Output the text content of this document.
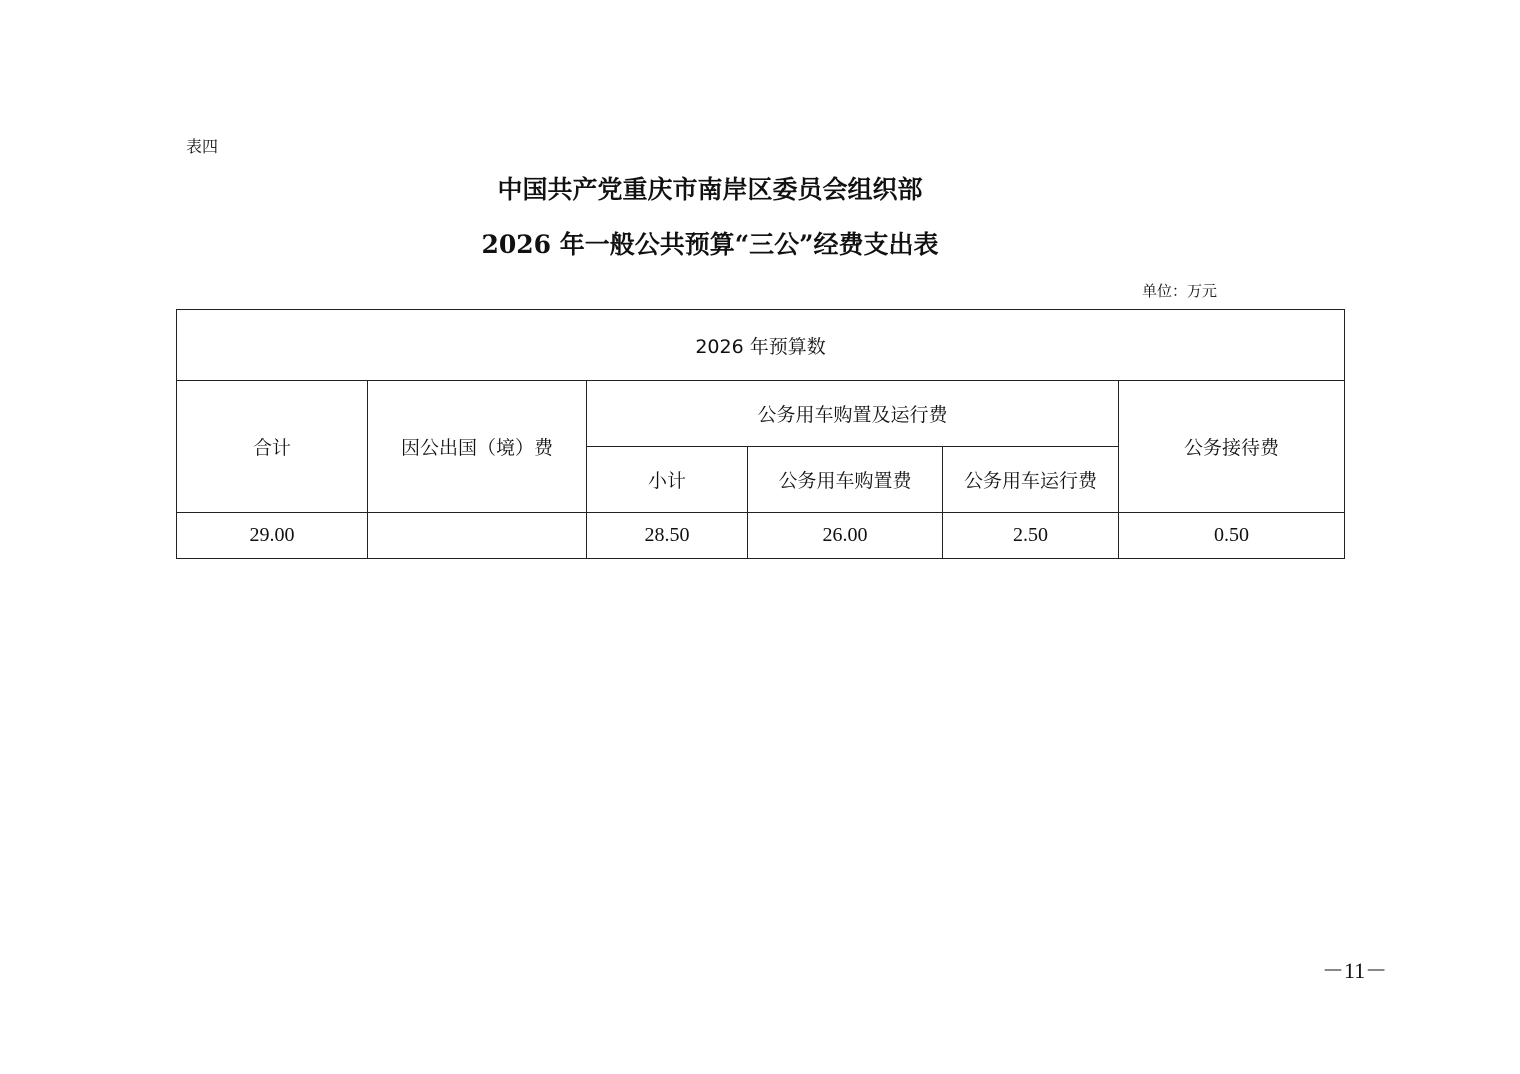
表四
中国共产党重庆市南岸区委员会组织部
2026 年一般公共预算“三公”经费支出表
单位：万元
2026 年预算数					
合计	因公出国（境）费	公务用车购置及运行费			公务接待费
		小计	公务用车购置费	公务用车运行费	
29.00		28.50	26.00	2.50	0.50
－11－
